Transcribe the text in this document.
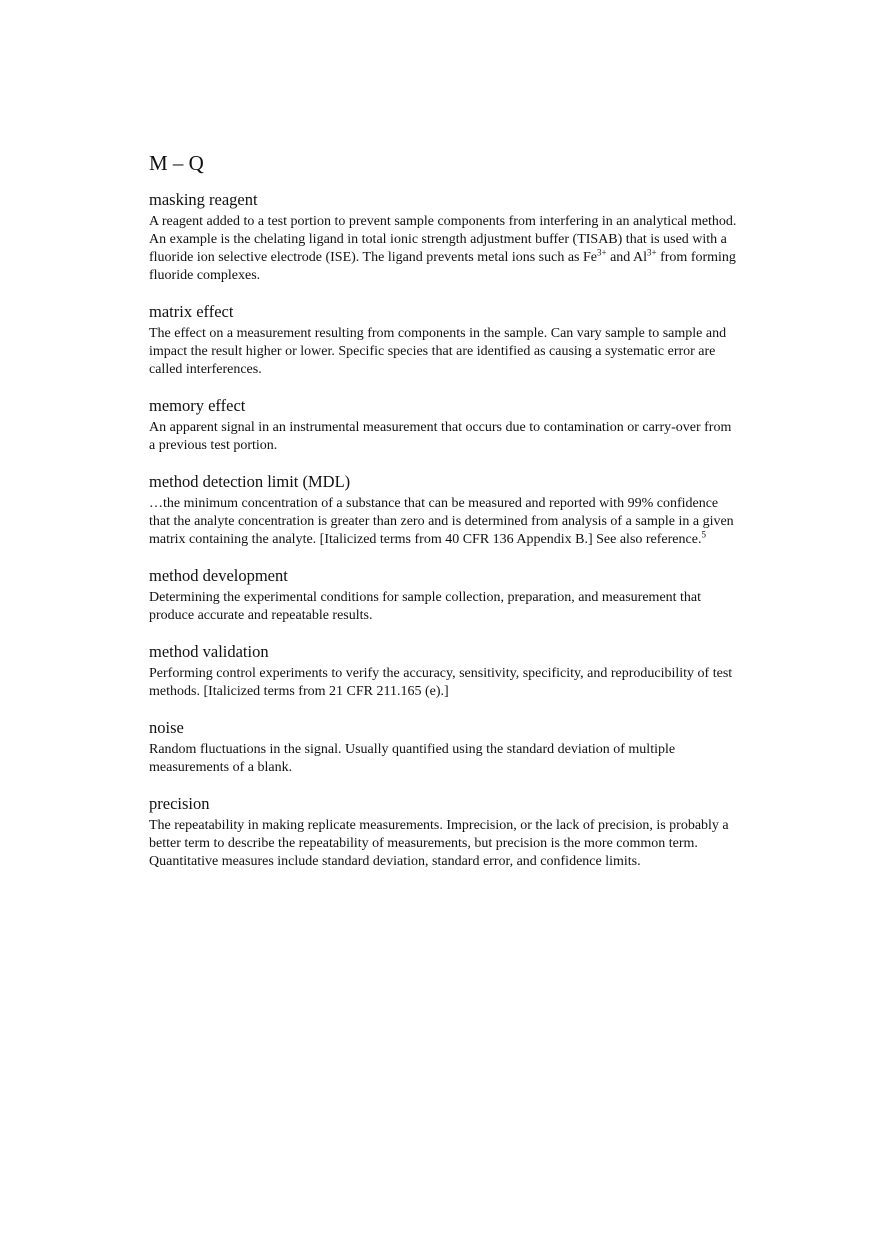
M – Q
masking reagent

A reagent added to a test portion to prevent sample components from interfering in an analytical method. An example is the chelating ligand in total ionic strength adjustment buffer (TISAB) that is used with a fluoride ion selective electrode (ISE). The ligand prevents metal ions such as $Fe^{3+}$ and $Al^{3+}$ from forming fluoride complexes.

matrix effect

The effect on a measurement resulting from components in the sample. Can vary sample to sample and impact the result higher or lower. Specific species that are identified as causing a systematic error are called interferences.

memory effect

An apparent signal in an instrumental measurement that occurs due to contamination or carry-over from a previous test portion.

method detection limit (MDL)

…the minimum concentration of a substance that can be measured and reported with 99% confidence that the analyte concentration is greater than zero and is determined from analysis of a sample in a given matrix containing the analyte. [Italicized terms from 40 CFR 136 Appendix B.] See also reference.$^5$

method development

Determining the experimental conditions for sample collection, preparation, and measurement that produce accurate and repeatable results.

method validation

Performing control experiments to verify the accuracy, sensitivity, specificity, and reproducibility of test methods. [Italicized terms from 21 CFR 211.165 (e).]

noise

Random fluctuations in the signal. Usually quantified using the standard deviation of multiple measurements of a blank.

precision

The repeatability in making replicate measurements. Imprecision, or the lack of precision, is probably a better term to describe the repeatability of measurements, but precision is the more common term. Quantitative measures include standard deviation, standard error, and confidence limits.
